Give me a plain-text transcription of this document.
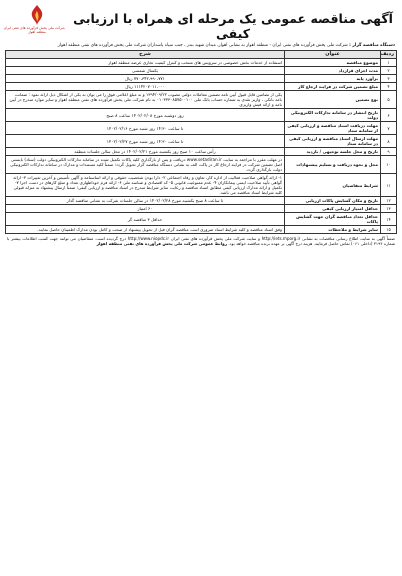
شرکت ملی پخش فرآورده های نفتی ایران
منطقه اهواز
آگهی مناقصه عمومی یک مرحله ای همراه با ارزیابی کیفی
دستگاه مناقصه گزار : شرکت ملی پخش فرآورده های نفتی ایران - منطقه اهواز به نشانی اهواز، میدان شهید بندر ، جنب سپاه پاسداران شرکت ملی پخش فرآورده های نفتی منطقه اهواز
ردیف	عنوان	شرح
۱	موضوع مناقصه	استفاده از خدمات بخش خصوصی در سرویس های منتخب و کنترل کیفیت تجاری عرضه منطقه اهواز
۲	مدت اجرای قرارداد	یکسال شمسی
۳	برآورد پایه	۷۷۰،۳۴۲،۹۹۰،۷۷۱ ریال
۴	مبلغ تضمین شرکت در فرایند ارجاع کار	۱۱۱۴۲۰۷۰۱۱،۰۰۰ ریال
۵	نوع تضمین	یکی از تضامین قابل قبول آیین نامه تضمین معاملات دولتی مصوب ۱۳۹۴/۰۹/۲۲ و به مبلغ اعلامی فوق را می توان به یکی از اشکال ذیل ارائه نمود : ضمانت نامه بانکی ، واریز نقدی به شماره حساب بانک ملی ۰۱۰۳۳۳۰۸۵۷۵۰۰۱۰۰ به نام شرکت ملی پخش فرآورده های نفتی منطقه اهواز و سایر موارد مندرج در آیین نامه و ارائه فیش واریزی
۶	تاریخ انتشار در سامانه تدارکات الکترونیکی دولت	روز دوشنبه مورخ ۱۴۰۲/۰۲/۰۸ ساعت ۸ صبح
۷	مهلت دریافت اسناد مناقصه و ارزیابی کیفی از سامانه ستاد	تا ساعت ۱۴:۳۰ روز شنبه مورخ ۱۴۰۲/۰۲/۱۶
۸	مهلت ارسال اسناد مناقصه و ارزیابی کیفی در سامانه ستاد	تا ساعت ۱۴:۳۰ روز شنبه مورخ ۱۴۰۲/۰۲/۲۷
۹	تاریخ و محل جلسه توجیهی / بازدید	رأس ساعت ۱۰ صبح روز یکشنبه مورخ ۱۴۰۲/۰۲/۲۱ در محل سالن جلسات منطقه
۱۰	محل و نحوه دریافت و تسلیم پیشنهادات	در مهلت مقرر با مراجعه به سایت www.setadiran.ir دریافت و پس از بارگذاری کلیه پاکات تکمیل شده در سامانه تدارکات الکترونیکی دولت (ستاد) بایستی اصل تضمین شرکت در فرایند ارجاع کار در پاکت الف به نشانی دستگاه مناقصه گزار تحویل گردد؛ ضمناً کلیه مستندات و مدارک در سامانه تدارکات الکترونیکی دولت بارگذاری گردد.
۱۱	شرایط متقاضیان	۱- ارائه گواهی صلاحیت فعالیت از اداره کار، تعاون و رفاه اجتماعی ۲- دارا بودن شخصیت حقوقی و ارائه اساسنامه و آگهی تأسیس و آخرین تغییرات ۳- ارائه گواهی تأیید صلاحیت ایمنی پیمانکاران ۴- عدم ممنوعیت قانونی ۵- کد اقتصادی و شناسه ملی ۶- ارائه فرم خوداظهاری تعداد و مبلغ کارهای در دست اجرا ۷- تکمیل و ارائه مدارک ارزیابی کیفی مطابق اسناد مناقصه و رعایت سایر شرایط مندرج در اسناد مناقصه و ارزیابی کیفی؛ ضمناً ارسال پیشنهاد به منزله قبولی کلیه شرایط اسناد مناقصه می باشد.
۱۲	تاریخ و مکان گشایش پاکات ارزیابی	تا ساعت ۸ صبح یکشنبه مورخ ۱۴۰۲/۰۲/۲۸ در سالن جلسات شرکت به نشانی مناقصه گذار
۱۳	حداقل امتیاز ارزیابی کیفی	۶۰ امتیاز
۱۴	حداقل تعداد مناقصه گران جهت گشایش پاکات	حداقل ۳ مناقصه گر
۱۵	سایر شرایط و ملاحظات	وفق اسناد مناقصه و کلیه شرایط اسناد ضروری است مناقصه گران قبل از تحویل پیشنهاد از صحت و کامل بودن مدارک اطمینان حاصل نمایند.
ضمناً آگهی به سایت اطلاع رسانی مناقصات به نشانی http://iets.mporg.ir و سایت شرکت ملی پخش فرآورده های نفتی ایران http://www.niopdc.ir درج گردیده است. متقاضیان می توانند جهت کسب اطلاعات بیشتر با شماره ۳۱۹۴ (داخلی ۰۶۱) تماس حاصل فرمایند. هزینه درج آگهی بر عهده برنده مناقصه خواهد بود. روابط عمومی شرکت ملی پخش فرآورده های نفتی منطقه اهواز
